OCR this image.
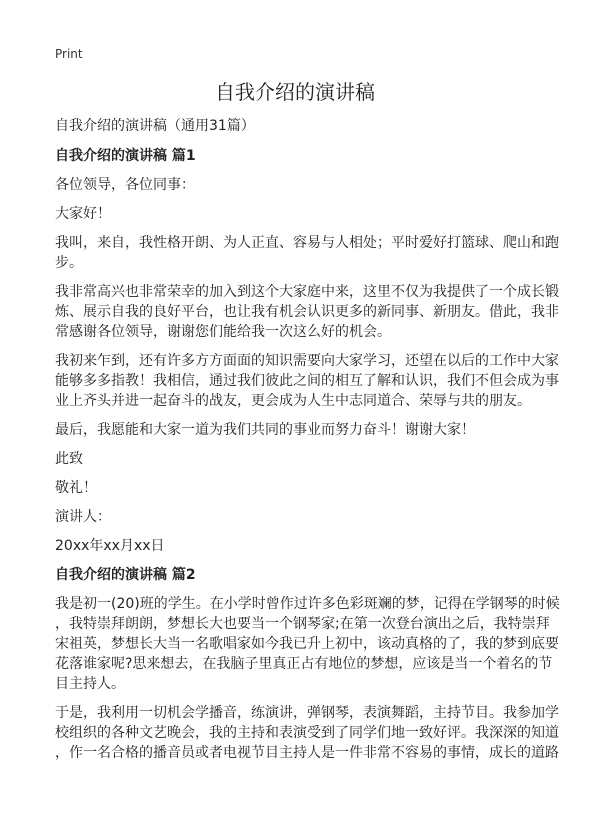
Print
自我介绍的演讲稿

自我介绍的演讲稿（通用31篇）

自我介绍的演讲稿 篇1

各位领导，各位同事：

大家好！

我叫，来自，我性格开朗、为人正直、容易与人相处；平时爱好打篮球、爬山和跑
步。

我非常高兴也非常荣幸的加入到这个大家庭中来，这里不仅为我提供了一个成长锻
炼、展示自我的良好平台，也让我有机会认识更多的新同事、新朋友。借此，我非
常感谢各位领导，谢谢您们能给我一次这么好的机会。

我初来乍到，还有许多方方面面的知识需要向大家学习，还望在以后的工作中大家
能够多多指教！我相信，通过我们彼此之间的相互了解和认识，我们不但会成为事
业上齐头并进一起奋斗的战友，更会成为人生中志同道合、荣辱与共的朋友。

最后，我愿能和大家一道为我们共同的事业而努力奋斗！谢谢大家！

此致

敬礼！

演讲人：

20xx年xx月xx日

自我介绍的演讲稿 篇2

我是初一(20)班的学生。在小学时曾作过许多色彩斑斓的梦，记得在学钢琴的时候
，我特崇拜朗朗，梦想长大也要当一个钢琴家;在第一次登台演出之后，我特崇拜
宋祖英，梦想长大当一名歌唱家如今我已升上初中，该动真格的了，我的梦到底要
花落谁家呢?思来想去，在我脑子里真正占有地位的梦想，应该是当一个着名的节
目主持人。

于是，我利用一切机会学播音，练演讲，弹钢琴，表演舞蹈，主持节目。我参加学
校组织的各种文艺晚会，我的主持和表演受到了同学们地一致好评。我深深的知道
，作一名合格的播音员或者电视节目主持人是一件非常不容易的事情，成长的道路
